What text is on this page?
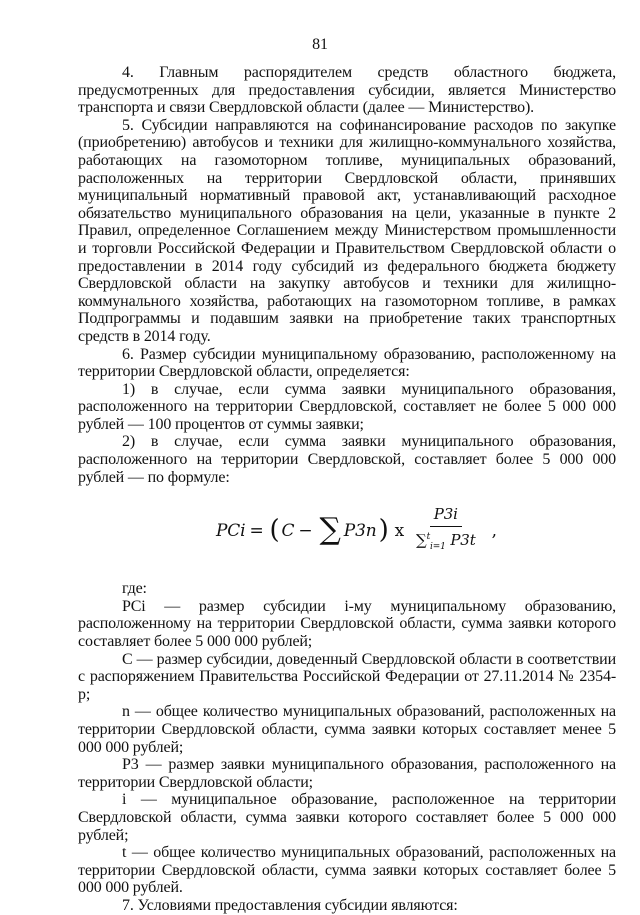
81

4. Главным распорядителем средств областного бюджета, предусмотренных для предоставления субсидии, является Министерство транспорта и связи Свердловской области (далее — Министерство).

5. Субсидии направляются на софинансирование расходов по закупке (приобретению) автобусов и техники для жилищно-коммунального хозяйства, работающих на газомоторном топливе, муниципальных образований, расположенных на территории Свердловской области, принявших муниципальный нормативный правовой акт, устанавливающий расходное обязательство муниципального образования на цели, указанные в пункте 2 Правил, определенное Соглашением между Министерством промышленности и торговли Российской Федерации и Правительством Свердловской области о предоставлении в 2014 году субсидий из федерального бюджета бюджету Свердловской области на закупку автобусов и техники для жилищно-коммунального хозяйства, работающих на газомоторном топливе, в рамках Подпрограммы и подавшим заявки на приобретение таких транспортных средств в 2014 году.

6. Размер субсидии муниципальному образованию, расположенному на территории Свердловской области, определяется:

1) в случае, если сумма заявки муниципального образования, расположенного на территории Свердловской, составляет не более 5 000 000 рублей — 100 процентов от суммы заявки;

2) в случае, если сумма заявки муниципального образования, расположенного на территории Свердловской, составляет более 5 000 000 рублей — по формуле:

PCi = ( C − ∑ P3n ) x $\frac{P3i}{\sum^t_{i=1} P3t}$ ,

где:

PCi — размер субсидии i-му муниципальному образованию, расположенному на территории Свердловской области, сумма заявки которого составляет более 5 000 000 рублей;

C — размер субсидии, доведенный Свердловской области в соответствии с распоряжением Правительства Российской Федерации от 27.11.2014 № 2354-р;

n — общее количество муниципальных образований, расположенных на территории Свердловской области, сумма заявки которых составляет менее 5 000 000 рублей;

P3 — размер заявки муниципального образования, расположенного на территории Свердловской области;

i — муниципальное образование, расположенное на территории Свердловской области, сумма заявки которого составляет более 5 000 000 рублей;

t — общее количество муниципальных образований, расположенных на территории Свердловской области, сумма заявки которых составляет более 5 000 000 рублей.

7. Условиями предоставления субсидии являются:
